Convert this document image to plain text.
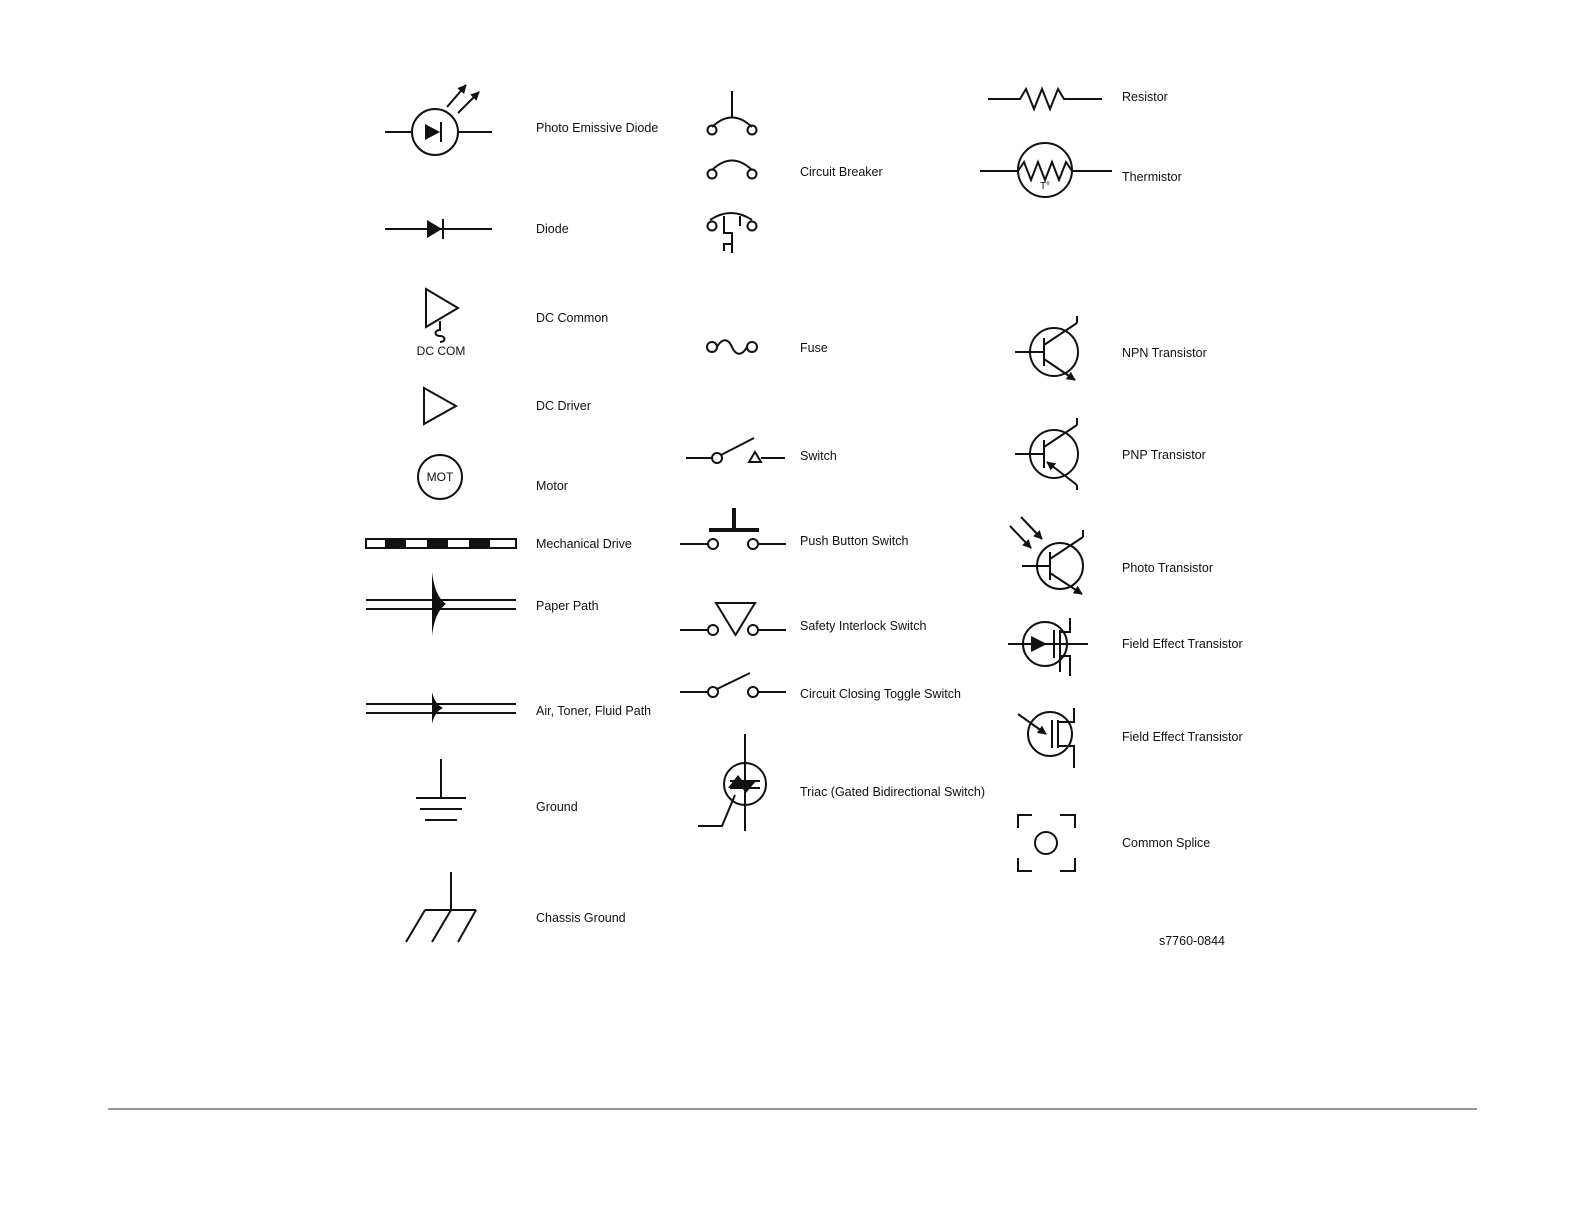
Photo Emissive Diode
Diode
DC COM
DC Common
DC Driver
MOT
Motor
Mechanical Drive
Paper Path
Air, Toner, Fluid Path
Ground
Chassis Ground
Circuit Breaker
Fuse
Switch
Push Button Switch
Safety Interlock Switch
Circuit Closing Toggle Switch
Triac (Gated Bidirectional Switch)
Resistor
T°
Thermistor
NPN Transistor
PNP Transistor
Photo Transistor
Field Effect Transistor
Field Effect Transistor
Common Splice
s7760-0844
